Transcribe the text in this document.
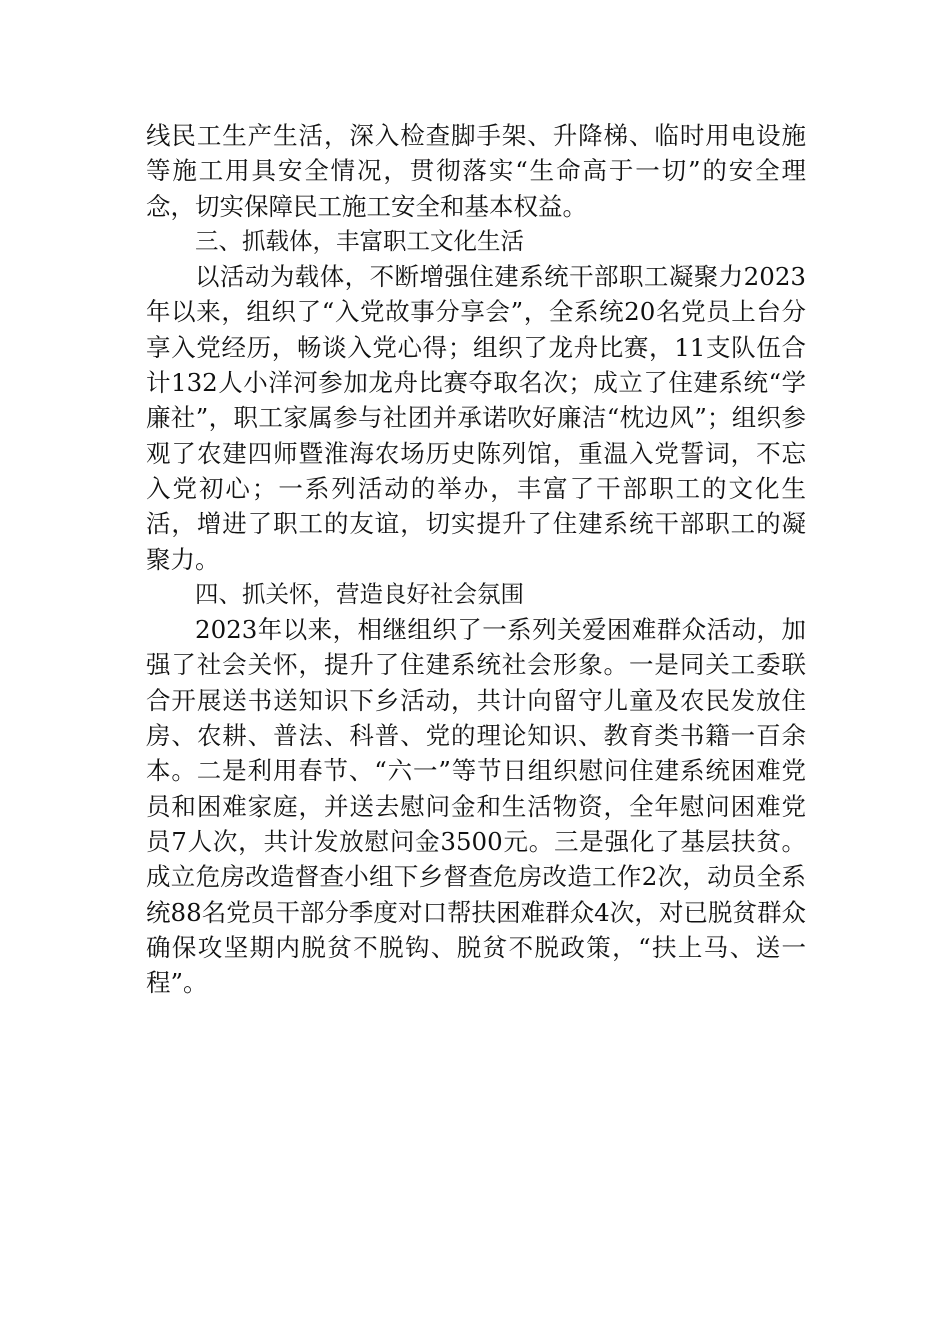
线民工生产生活，深入检查脚手架、升降梯、临时用电设施等施工用具安全情况，贯彻落实“生命高于一切”的安全理念，切实保障民工施工安全和基本权益。

三、抓载体，丰富职工文化生活

以活动为载体，不断增强住建系统干部职工凝聚力2023年以来，组织了“入党故事分享会”，全系统20名党员上台分享入党经历，畅谈入党心得；组织了龙舟比赛，11支队伍合计132人小洋河参加龙舟比赛夺取名次；成立了住建系统“学廉社”，职工家属参与社团并承诺吹好廉洁“枕边风”；组织参观了农建四师暨淮海农场历史陈列馆，重温入党誓词，不忘入党初心；一系列活动的举办，丰富了干部职工的文化生活，增进了职工的友谊，切实提升了住建系统干部职工的凝聚力。

四、抓关怀，营造良好社会氛围

2023年以来，相继组织了一系列关爱困难群众活动，加强了社会关怀，提升了住建系统社会形象。一是同关工委联合开展送书送知识下乡活动，共计向留守儿童及农民发放住房、农耕、普法、科普、党的理论知识、教育类书籍一百余本。二是利用春节、“六一”等节日组织慰问住建系统困难党员和困难家庭，并送去慰问金和生活物资，全年慰问困难党员7人次，共计发放慰问金3500元。三是强化了基层扶贫。成立危房改造督查小组下乡督查危房改造工作2次，动员全系统88名党员干部分季度对口帮扶困难群众4次，对已脱贫群众确保攻坚期内脱贫不脱钩、脱贫不脱政策，“扶上马、送一程”。
